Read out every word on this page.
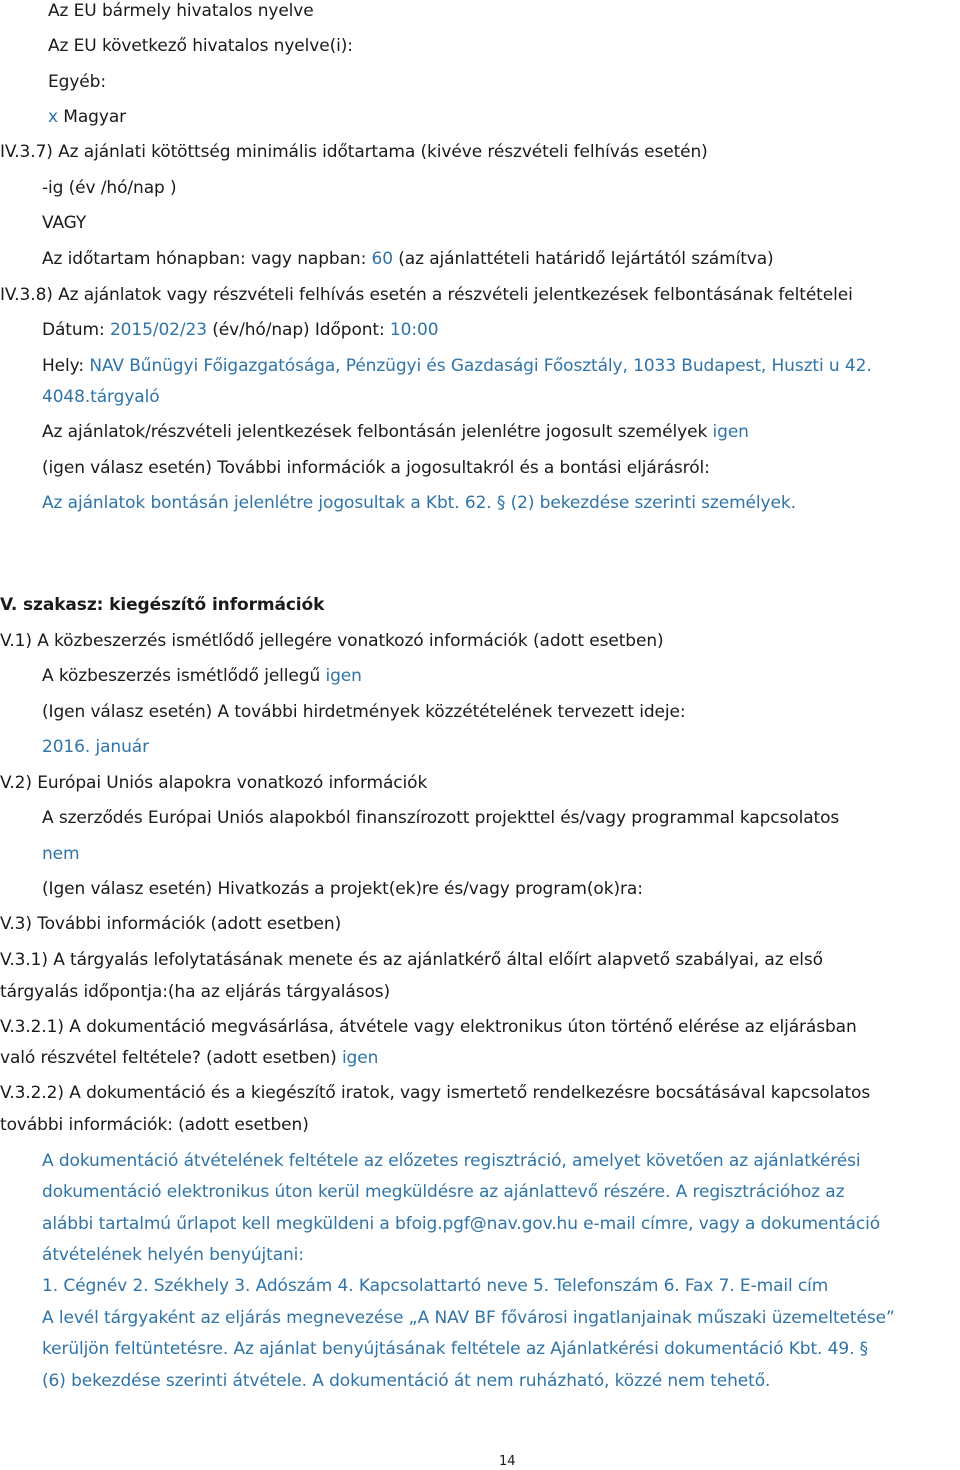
Az EU bármely hivatalos nyelve
Az EU következő hivatalos nyelve(i):
Egyéb:
x Magyar
IV.3.7) Az ajánlati kötöttség minimális időtartama (kivéve részvételi felhívás esetén)
-ig (év /hó/nap )
VAGY
Az időtartam hónapban: vagy napban: 60 (az ajánlattételi határidő lejártától számítva)
IV.3.8) Az ajánlatok vagy részvételi felhívás esetén a részvételi jelentkezések felbontásának feltételei
Dátum: 2015/02/23 (év/hó/nap) Időpont: 10:00
Hely: NAV Bűnügyi Főigazgatósága, Pénzügyi és Gazdasági Főosztály, 1033 Budapest, Huszti u 42.
4048.tárgyaló
Az ajánlatok/részvételi jelentkezések felbontásán jelenlétre jogosult személyek igen
(igen válasz esetén) További információk a jogosultakról és a bontási eljárásról:
Az ajánlatok bontásán jelenlétre jogosultak a Kbt. 62. § (2) bekezdése szerinti személyek.
V. szakasz: kiegészítő információk
V.1) A közbeszerzés ismétlődő jellegére vonatkozó információk (adott esetben)
A közbeszerzés ismétlődő jellegű igen
(Igen válasz esetén) A további hirdetmények közzétételének tervezett ideje:
2016. január
V.2) Európai Uniós alapokra vonatkozó információk
A szerződés Európai Uniós alapokból finanszírozott projekttel és/vagy programmal kapcsolatos
nem
(Igen válasz esetén) Hivatkozás a projekt(ek)re és/vagy program(ok)ra:
V.3) További információk (adott esetben)
V.3.1) A tárgyalás lefolytatásának menete és az ajánlatkérő által előírt alapvető szabályai, az első
tárgyalás időpontja:(ha az eljárás tárgyalásos)
V.3.2.1) A dokumentáció megvásárlása, átvétele vagy elektronikus úton történő elérése az eljárásban
való részvétel feltétele? (adott esetben) igen
V.3.2.2) A dokumentáció és a kiegészítő iratok, vagy ismertető rendelkezésre bocsátásával kapcsolatos
további információk: (adott esetben)
A dokumentáció átvételének feltétele az előzetes regisztráció, amelyet követően az ajánlatkérési
dokumentáció elektronikus úton kerül megküldésre az ajánlattevő részére. A regisztrációhoz az
alábbi tartalmú űrlapot kell megküldeni a bfoig.pgf@nav.gov.hu e-mail címre, vagy a dokumentáció
átvételének helyén benyújtani:
1. Cégnév 2. Székhely 3. Adószám 4. Kapcsolattartó neve 5. Telefonszám 6. Fax 7. E-mail cím
A levél tárgyaként az eljárás megnevezése „A NAV BF fővárosi ingatlanjainak műszaki üzemeltetése”
kerüljön feltüntetésre. Az ajánlat benyújtásának feltétele az Ajánlatkérési dokumentáció Kbt. 49. §
(6) bekezdése szerinti átvétele. A dokumentáció át nem ruházható, közzé nem tehető.
14
